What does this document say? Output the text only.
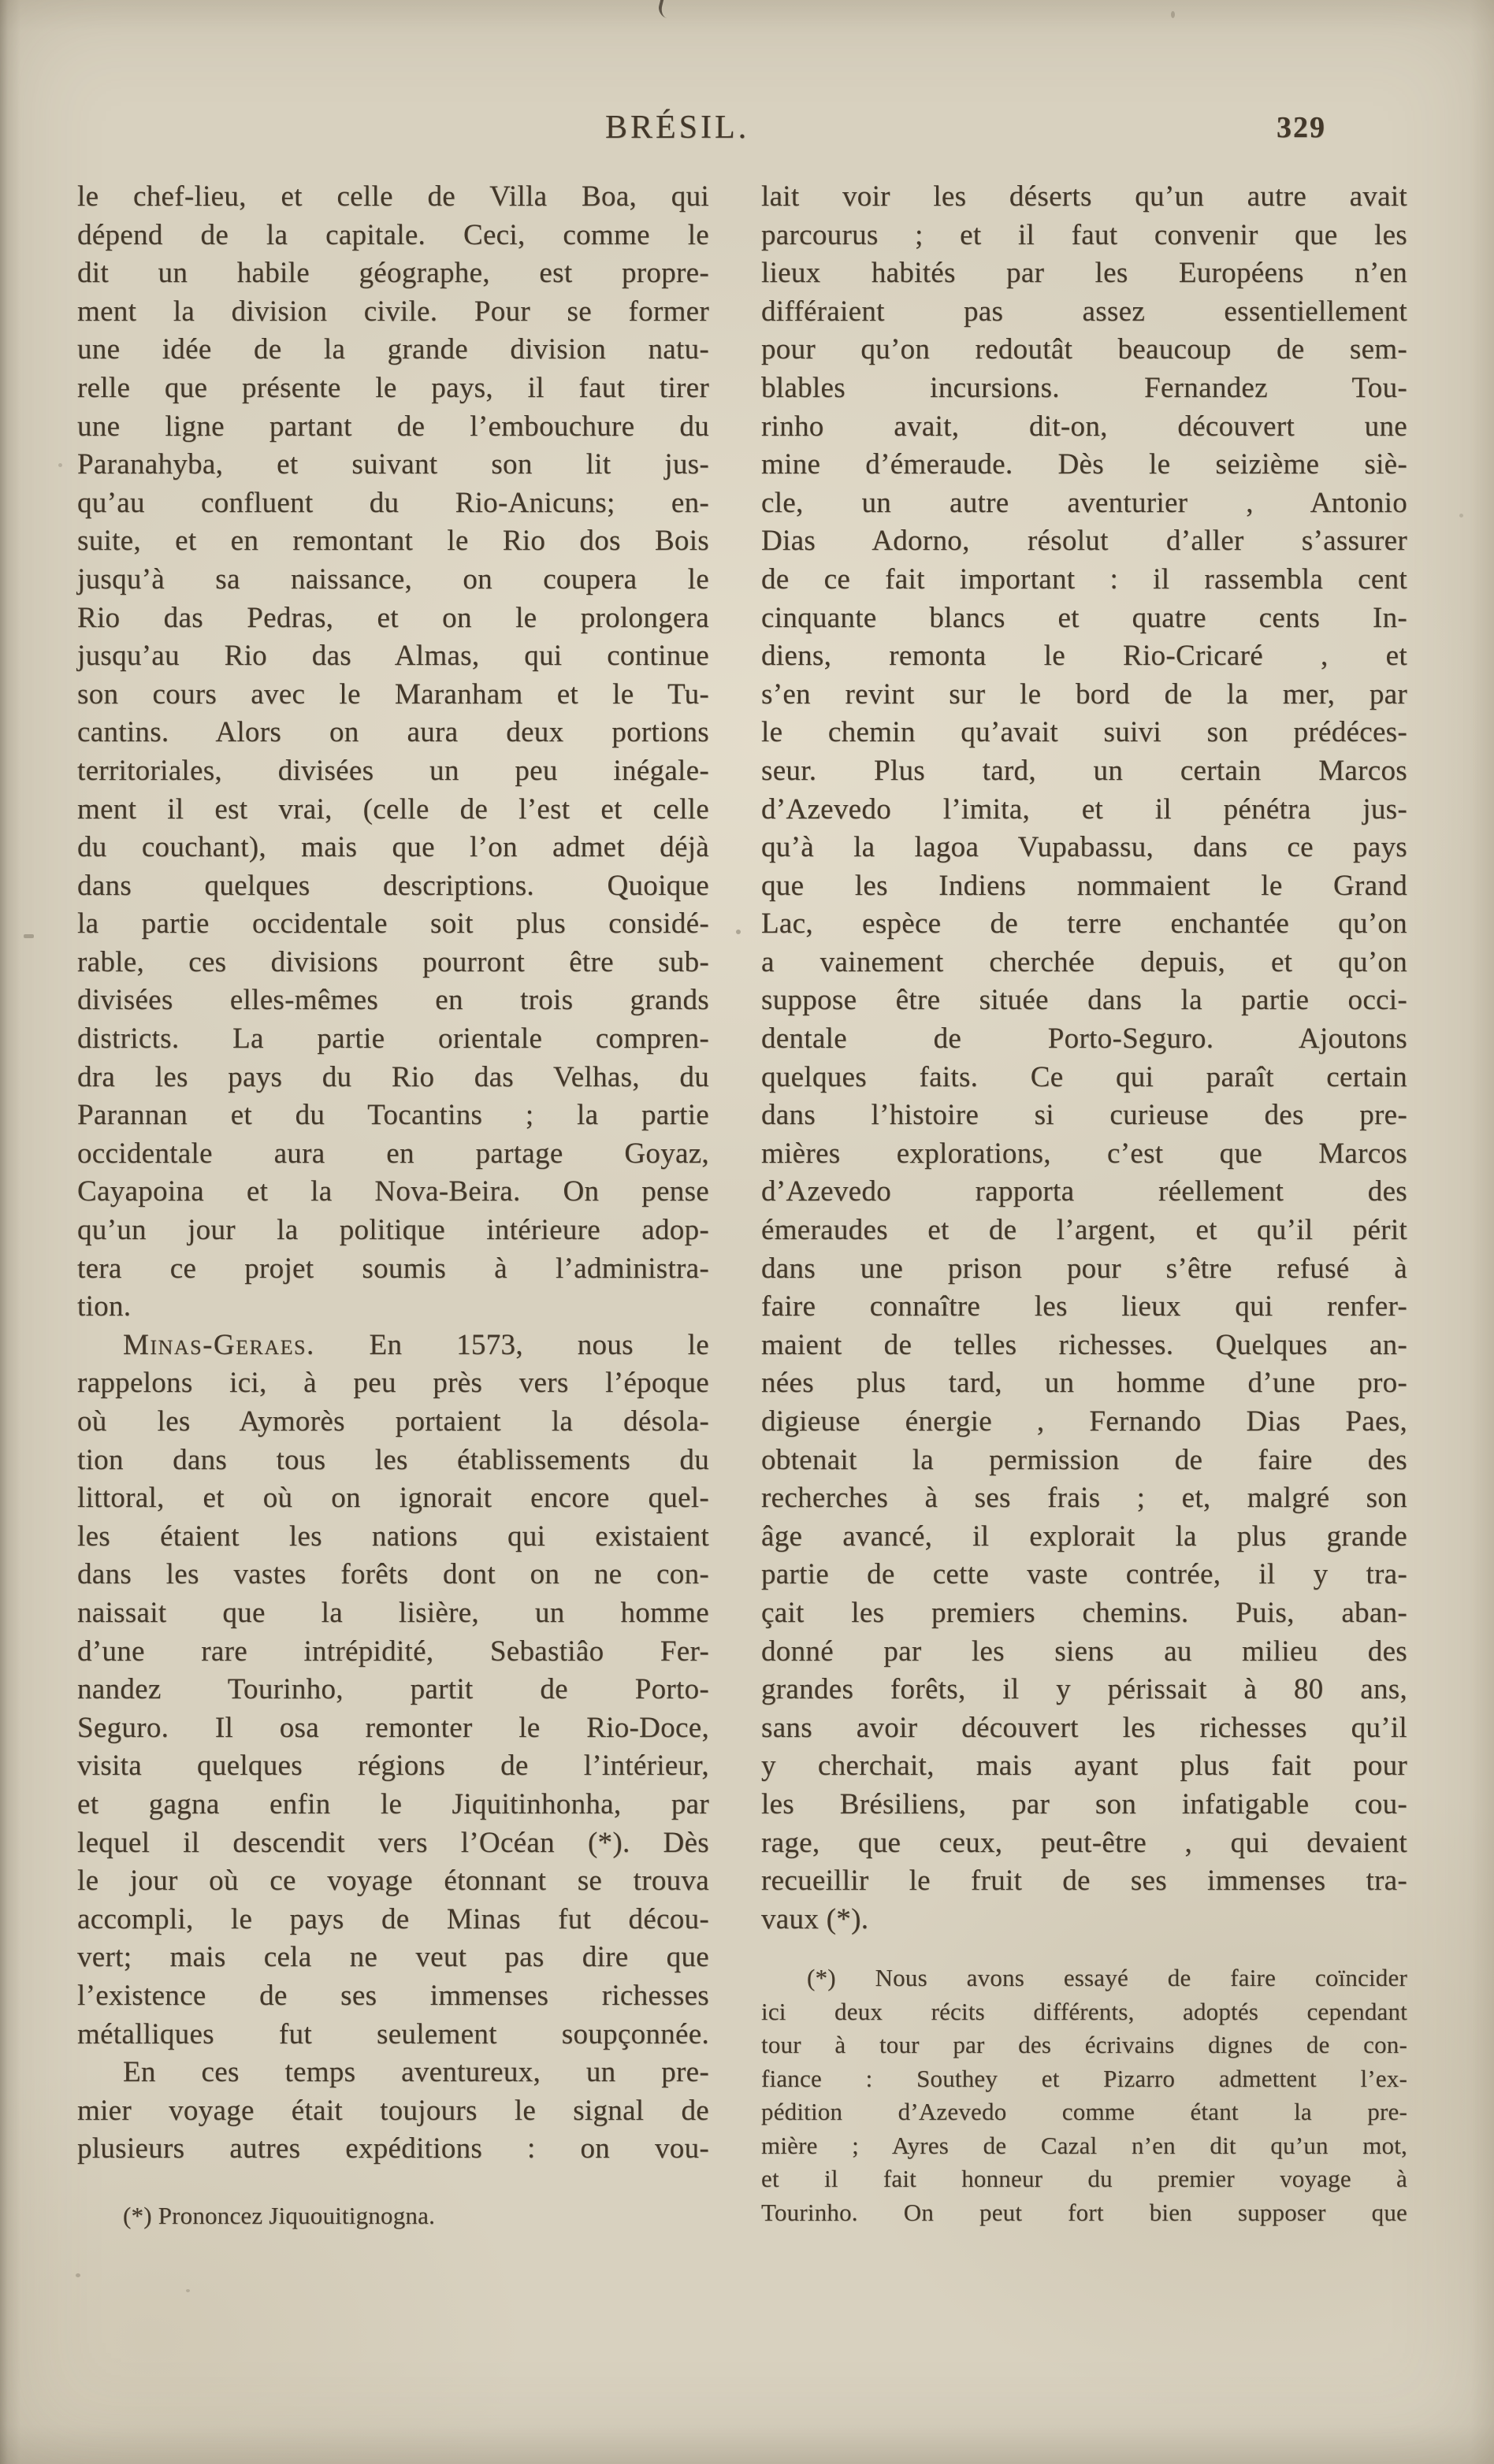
BRÉSIL.	329
le chef-lieu, et celle de Villa Boa, qui
dépend de la capitale. Ceci, comme le
dit un habile géographe, est propre-
ment la division civile. Pour se former
une idée de la grande division natu-
relle que présente le pays, il faut tirer
une ligne partant de l’embouchure du
Paranahyba, et suivant son lit jus-
qu’au confluent du Rio-Anicuns; en-
suite, et en remontant le Rio dos Bois
jusqu’à sa naissance, on coupera le
Rio das Pedras, et on le prolongera
jusqu’au Rio das Almas, qui continue
son cours avec le Maranham et le Tu-
cantins. Alors on aura deux portions
territoriales, divisées un peu inégale-
ment il est vrai, (celle de l’est et celle
du couchant), mais que l’on admet déjà
dans quelques descriptions. Quoique
la partie occidentale soit plus considé-
rable, ces divisions pourront être sub-
divisées elles-mêmes en trois grands
districts. La partie orientale compren-
dra les pays du Rio das Velhas, du
Parannan et du Tocantins ; la partie
occidentale aura en partage Goyaz,
Cayapoina et la Nova-Beira. On pense
qu’un jour la politique intérieure adop-
tera ce projet soumis à l’administra-
tion.
Minas-Geraes. En 1573, nous le
rappelons ici, à peu près vers l’époque
où les Aymorès portaient la désola-
tion dans tous les établissements du
littoral, et où on ignorait encore quel-
les étaient les nations qui existaient
dans les vastes forêts dont on ne con-
naissait que la lisière, un homme
d’une rare intrépidité, Sebastiâo Fer-
nandez Tourinho, partit de Porto-
Seguro. Il osa remonter le Rio-Doce,
visita quelques régions de l’intérieur,
et gagna enfin le Jiquitinhonha, par
lequel il descendit vers l’Océan (*). Dès
le jour où ce voyage étonnant se trouva
accompli, le pays de Minas fut décou-
vert; mais cela ne veut pas dire que
l’existence de ses immenses richesses
métalliques fut seulement soupçonnée.
En ces temps aventureux, un pre-
mier voyage était toujours le signal de
plusieurs autres expéditions : on vou-
lait voir les déserts qu’un autre avait
parcourus ; et il faut convenir que les
lieux habités par les Européens n’en
différaient pas assez essentiellement
pour qu’on redoutât beaucoup de sem-
blables incursions. Fernandez Tou-
rinho avait, dit-on, découvert une
mine d’émeraude. Dès le seizième siè-
cle, un autre aventurier , Antonio
Dias Adorno, résolut d’aller s’assurer
de ce fait important : il rassembla cent
cinquante blancs et quatre cents In-
diens, remonta le Rio-Cricaré , et
s’en revint sur le bord de la mer, par
le chemin qu’avait suivi son prédéces-
seur. Plus tard, un certain Marcos
d’Azevedo l’imita, et il pénétra jus-
qu’à la lagoa Vupabassu, dans ce pays
que les Indiens nommaient le Grand
Lac, espèce de terre enchantée qu’on
a vainement cherchée depuis, et qu’on
suppose être située dans la partie occi-
dentale de Porto-Seguro. Ajoutons
quelques faits. Ce qui paraît certain
dans l’histoire si curieuse des pre-
mières explorations, c’est que Marcos
d’Azevedo rapporta réellement des
émeraudes et de l’argent, et qu’il périt
dans une prison pour s’être refusé à
faire connaître les lieux qui renfer-
maient de telles richesses. Quelques an-
nées plus tard, un homme d’une pro-
digieuse énergie , Fernando Dias Paes,
obtenait la permission de faire des
recherches à ses frais ; et, malgré son
âge avancé, il explorait la plus grande
partie de cette vaste contrée, il y tra-
çait les premiers chemins. Puis, aban-
donné par les siens au milieu des
grandes forêts, il y périssait à 80 ans,
sans avoir découvert les richesses qu’il
y cherchait, mais ayant plus fait pour
les Brésiliens, par son infatigable cou-
rage, que ceux, peut-être , qui devaient
recueillir le fruit de ses immenses tra-
vaux (*).
(*) Prononcez Jiquouitignogna.
(*) Nous avons essayé de faire coïncider
ici deux récits différents, adoptés cependant
tour à tour par des écrivains dignes de con-
fiance : Southey et Pizarro admettent l’ex-
pédition d’Azevedo comme étant la pre-
mière ; Ayres de Cazal n’en dit qu’un mot,
et il fait honneur du premier voyage à
Tourinho. On peut fort bien supposer que
